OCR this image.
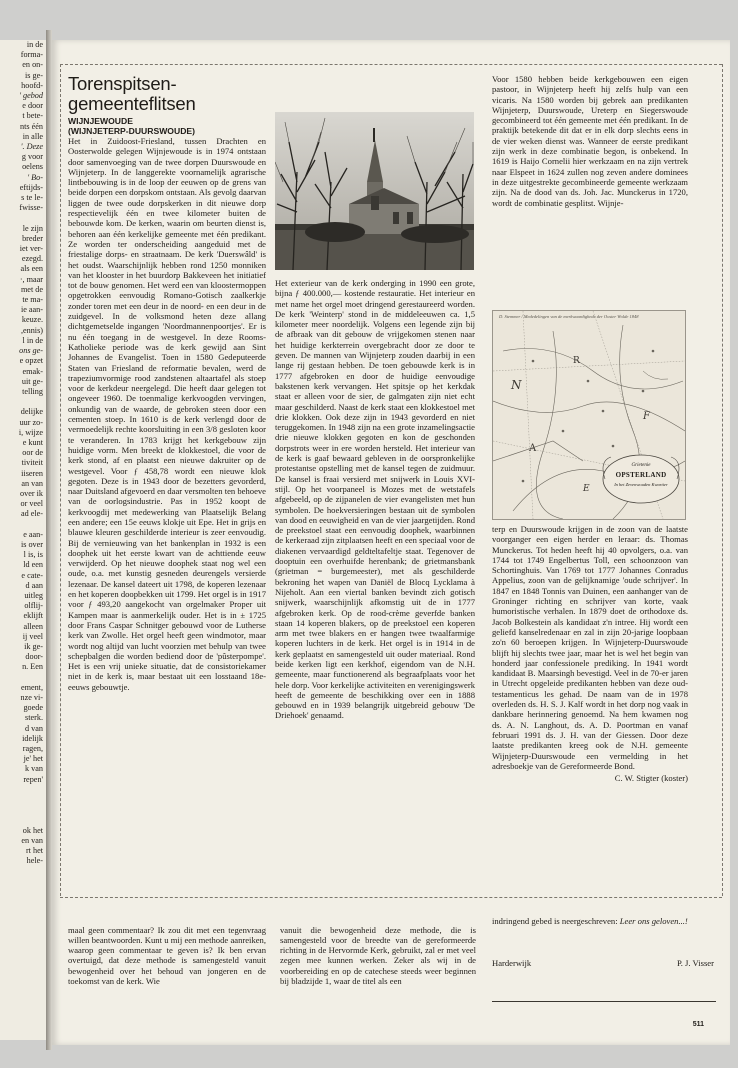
in de
forma-
en on-
is ge-
hoofd-
' gebod
e door
t bete-
nts één
in alle
'. Deze
g voor
oelens
' Bo-
eftijds-
s te le-
fwisse-

le zijn
breder
iet ver-
ezegd.
als een
·, maar
met de
te ma-
ie aan-
keuze.
,ennis)
l in de
ons ge-
e opzet
emak-
uit ge-
telling

delijke
uur zo-
i, wijze
e kunt
oor de
tiviteit
iiseren
an van
over ik
or veel
ad ele-

e aan-
is over
l is, is
ld een
e cate-
d aan
uitleg
olflij-
eklijft
alleen
ij veel
ik ge-
door-
n. Een

ement,
nze vi-
goede
sterk.
d van
idelijk
ragen,
je' het
k van
repen'

ok het
en van
rt het
hele-
Torenspitsen-gemeenteflitsen
WIJNJEWOUDE
(WIJNJETERP-DUURSWOUDE)

Het in Zuidoost-Friesland, tussen Drachten en Oosterwolde gelegen Wijnjewoude is in 1974 ontstaan door samenvoeging van de twee dorpen Duurswoude en Wijnjeterp. In de langgerekte voornamelijk agrarische lintbebouwing is in de loop der eeuwen op de grens van beide dorpen een dorpskom ontstaan. Als gevolg daarvan liggen de twee oude dorpskerken in dit nieuwe dorp respectievelijk één en twee kilometer buiten de bebouwde kom. De kerken, waarin om beurten dienst is, behoren aan één kerkelijke gemeente met één predikant. Ze worden ter onderscheiding aangeduid met de friestalige dorps- en straatnaam. De kerk 'Duerswâld' is het oudst. Waarschijnlijk hebben rond 1250 monniken van het klooster in het buurdorp Bakkeveen het initiatief tot de bouw genomen. Het werd een van kloostermoppen opgetrokken eenvoudig Romano-Gotisch zaalkerkje zonder toren met een deur in de noord- en een deur in de zuidgevel. In de volksmond heten deze allang dichtgemetselde ingangen 'Noordmannenpoortjes'. Er is nu één toegang in de westgevel. In deze Rooms-Katholieke periode was de kerk gewijd aan Sint Johannes de Evangelist. Toen in 1580 Gedeputeerde Staten van Friesland de reformatie bevalen, werd de trapeziumvormige rood zandstenen altaartafel als stoep voor de kerkdeur neergelegd. Die heeft daar gelegen tot ongeveer 1960. De toenmalige kerkvoogden vervingen, onkundig van de waarde, de gebroken steen door een cementen stoep. In 1610 is de kerk verlengd door de vermoedelijk rechte koorsluiting in een 3/8 gesloten koor te veranderen. In 1783 krijgt het kerkgebouw zijn huidige vorm. Men breekt de klokkestoel, die voor de kerk stond, af en plaatst een nieuwe dakruiter op de westgevel. Voor ƒ 458,78 wordt een nieuwe klok gegoten. Deze is in 1943 door de bezetters gevorderd, naar Duitsland afgevoerd en daar versmolten ten behoeve van de oorlogsindustrie. Pas in 1952 koopt de kerkvoogdij met medewerking van Plaatselijk Belang een andere; een 15e eeuws klokje uit Epe. Het in grijs en blauwe kleuren geschilderde interieur is zeer eenvoudig. Bij de vernieuwing van het bankenplan in 1932 is een doophek uit het eerste kwart van de achttiende eeuw verwijderd. Op het nieuwe doophek staat nog wel een oude, o.a. met kunstig gesneden deurengels versierde lezenaar. De kansel dateert uit 1798, de koperen lezenaar en het koperen doopbekken uit 1799. Het orgel is in 1917 voor ƒ 493,20 aangekocht van orgelmaker Proper uit Kampen maar is aanmerkelijk ouder. Het is in ± 1725 door Frans Caspar Schnitger gebouwd voor de Lutherse kerk van Zwolle. Het orgel heeft geen windmotor, maar wordt nog altijd van lucht voorzien met behulp van twee schepbalgen die worden bediend door de 'pûsterpompe'. Het is een vrij unieke situatie, dat de consistoriekamer niet in de kerk is, maar bestaat uit een losstaand 18e-eeuws gebouwtje.

Het exterieur van de kerk onderging in 1990 een grote, bijna ƒ 400.000,— kostende restauratie. Het interieur en met name het orgel moet dringend gerestaureerd worden. De kerk 'Weinterp' stond in de middeleeuwen ca. 1,5 kilometer meer noordelijk. Volgens een legende zijn bij de afbraak van dit gebouw de vrijgekomen stenen naar het huidige kerkterrein overgebracht door ze door te geven. De mannen van Wijnjeterp zouden daarbij in een lange rij gestaan hebben. De toen gebouwde kerk is in 1777 afgebroken en door de huidige eenvoudige bakstenen kerk vervangen. Het spitsje op het kerkdak staat er alleen voor de sier, de galmgaten zijn niet echt maar geschilderd. Naast de kerk staat een klokkestoel met drie klokken. Ook deze zijn in 1943 gevorderd en niet teruggekomen. In 1948 zijn na een grote inzamelingsactie drie nieuwe klokken gegoten en kon de geschonden dorpstrots weer in ere worden hersteld. Het interieur van de kerk is gaaf bewaard gebleven in de oorspronkelijke protestantse opstelling met de kansel tegen de zuidmuur. De kansel is fraai versierd met snijwerk in Louis XVI-stijl. Op het voorpaneel is Mozes met de wetstafels afgebeeld, op de zijpanelen de vier evangelisten met hun symbolen. De hoekversieringen bestaan uit de symbolen van dood en eeuwigheid en van de vier jaargetijden. Rond de preekstoel staat een eenvoudig doophek, waarbinnen de kerkeraad zijn zitplaatsen heeft en een speciaal voor de diakenen vervaardigd geldteltafeltje staat. Tegenover de dooptuin een overhuifde herenbank; de grietmansbank (grietman = burgemeester), met als geschilderde bekroning het wapen van Daniël de Blocq Lycklama à Nijeholt. Aan een viertal banken bevindt zich gotisch snijwerk, waarschijnlijk afkomstig uit de in 1777 afgebroken kerk. Op de rood-crème geverfde banken staan 14 koperen blakers, op de preekstoel een koperen arm met twee blakers en er hangen twee twaalfarmige koperen luchters in de kerk. Het orgel is in 1914 in de kerk geplaatst en samengesteld uit ouder materiaal. Rond beide kerken ligt een kerkhof, eigendom van de N.H. gemeente, maar functionerend als begraafplaats voor het hele dorp. Voor kerkelijke activiteiten en verenigingswerk heeft de gemeente de beschikking over een in 1888 gebouwd en in 1939 belangrijk uitgebreid gebouw 'De Driehoek' genaamd.

Voor 1580 hebben beide kerkgebouwen een eigen pastoor, in Wijnjeterp heeft hij zelfs hulp van een vicaris. Na 1580 worden bij gebrek aan predikanten Wijnjeterp, Duurswoude, Ureterp en Siegerswoude gecombineerd tot één gemeente met één predikant. In de praktijk betekende dit dat er in elk dorp slechts eens in de vier weken dienst was. Wanneer de eerste predikant zijn werk in deze combinatie begon, is onbekend. In 1619 is Haijo Cornelii hier werkzaam en na zijn vertrek naar Elspeet in 1624 zullen nog zeven andere dominees in deze uitgestrekte gecombineerde gemeente werkzaam zijn. Na de dood van ds. Joh. Jac. Munckerus in 1720, wordt de combinatie gesplitst. Wijnje-

D. Stemmer / Mededelingen van de merkwaardighede der Ooster Wolde 1848
N
R
F
A
E
Grietenie
OPSTERLAND
In het Zevenwouden Kwartier

terp en Duurswoude krijgen in de zoon van de laatste voorganger een eigen herder en leraar: ds. Thomas Munckerus. Tot heden heeft hij 40 opvolgers, o.a. van 1744 tot 1749 Engelbertus Toll, een schoonzoon van Schortinghuis. Van 1769 tot 1777 Johannes Conradus Appelius, zoon van de gelijknamige 'oude schrijver'. In 1847 en 1848 Tonnis van Duinen, een aanhanger van de Groninger richting en schrijver van korte, vaak humoristische verhalen. In 1879 doet de orthodoxe ds. Jacob Bolkestein als kandidaat z'n intree. Hij wordt een geliefd kanselredenaar en zal in zijn 20-jarige loopbaan zo'n 60 beroepen krijgen. In Wijnjeterp-Duurswoude blijft hij slechts twee jaar, maar het is wel het begin van honderd jaar confessionele prediking. In 1941 wordt kandidaat B. Maarsingh bevestigd. Veel in de 70-er jaren in Utrecht opgeleide predikanten hebben van deze oud-testamenticus les gehad. De naam van de in 1978 overleden ds. H. S. J. Kalf wordt in het dorp nog vaak in dankbare herinnering genoemd. Na hem kwamen nog ds. A. N. Langhout, ds. A. D. Poortman en vanaf februari 1991 ds. J. H. van der Giessen. Door deze laatste predikanten kreeg ook de N.H. gemeente Wijnjeterp-Duurswoude een vermelding in het adresboekje van de Gereformeerde Bond.

C. W. Stigter (koster)

maal geen commentaar? Ik zou dit met een tegenvraag willen beantwoorden. Kunt u mij een methode aanreiken, waarop geen commentaar te geven is? Ik ben ervan overtuigd, dat deze methode is samengesteld vanuit bewogenheid over het behoud van jongeren en de toekomst van de kerk. Wie

vanuit die bewogenheid deze methode, die is samengesteld voor de breedte van de gereformeerde richting in de Hervormde Kerk, gebruikt, zal er met veel zegen mee kunnen werken. Zeker als wij in de voorbereiding en op de catechese steeds weer beginnen bij bladzijde 1, waar de titel als een

indringend gebed is neergeschreven: Leer ons geloven...!
Harderwijk	P. J. Visser
511
